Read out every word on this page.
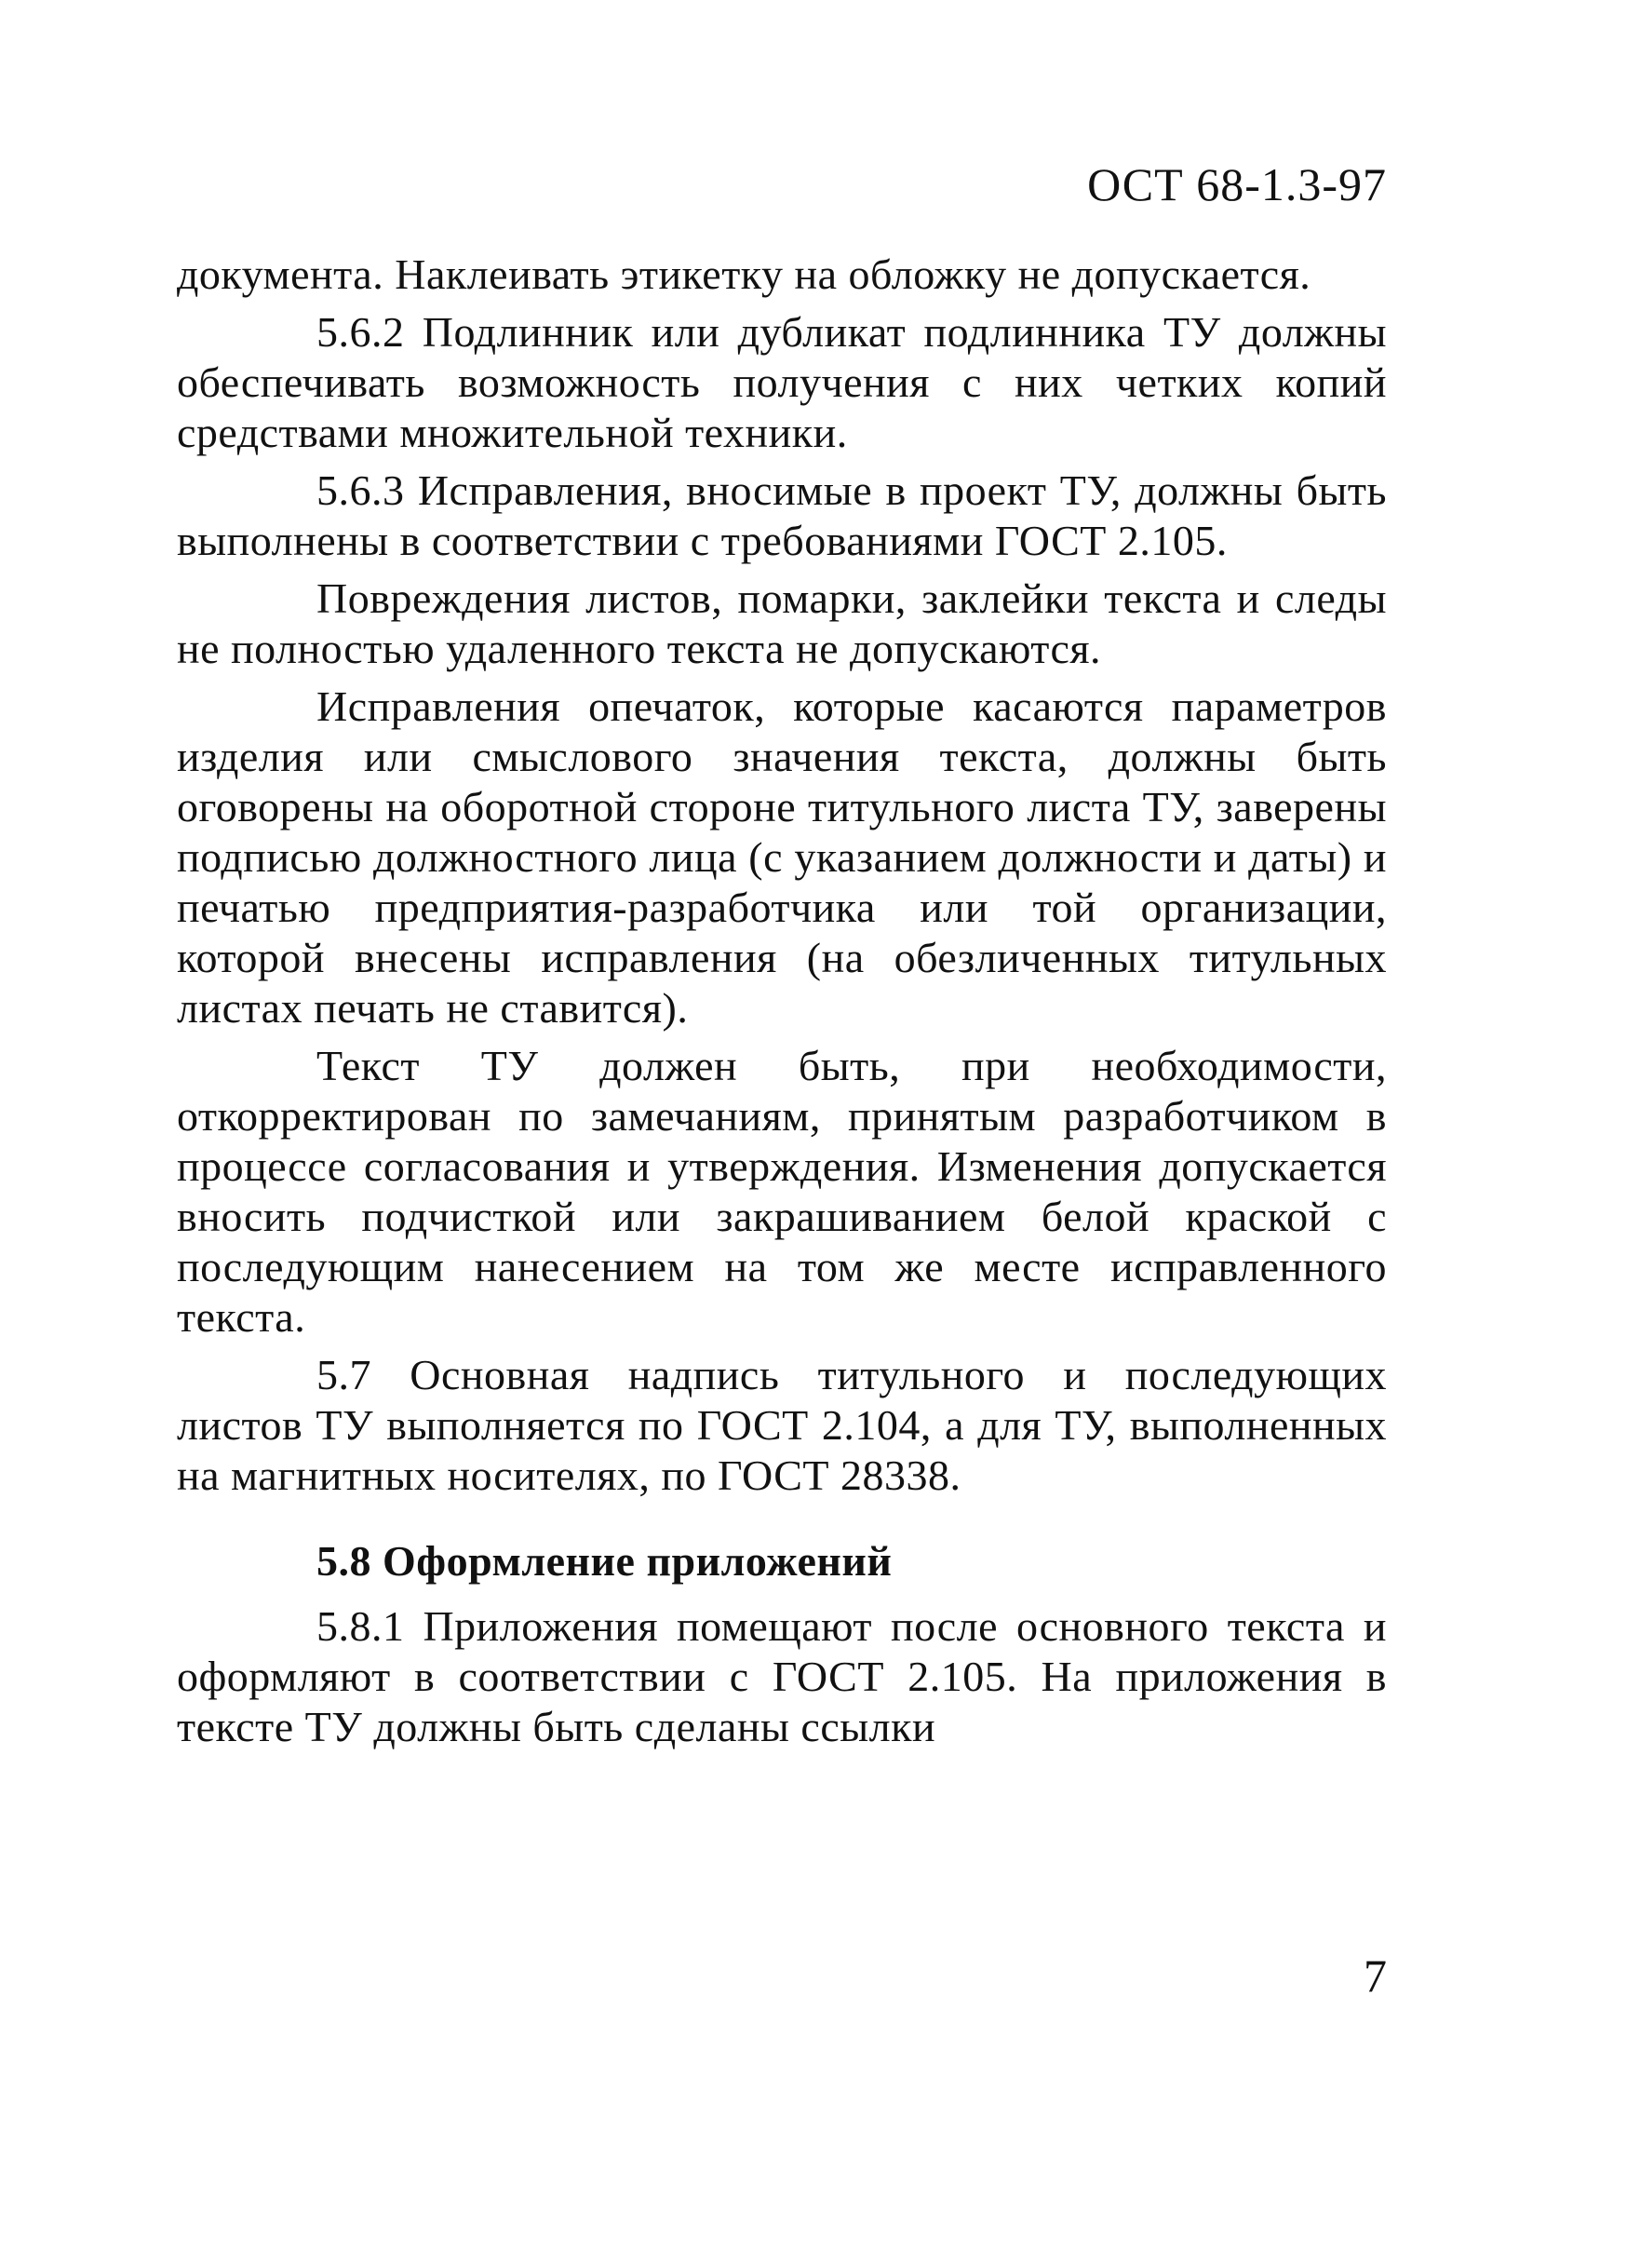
ОСТ 68-1.3-97

документа. Наклеивать этикетку на обложку не допускается.

5.6.2 Подлинник или дубликат подлинника ТУ должны обеспечивать возможность получения с них четких копий средствами множительной техники.

5.6.3 Исправления, вносимые в проект ТУ, должны быть выполнены в соответствии с требованиями ГОСТ 2.105.

Повреждения листов, помарки, заклейки текста и следы не полностью удаленного текста не допускаются.

Исправления опечаток, которые касаются параметров изделия или смыслового значения текста, должны быть оговорены на оборотной стороне титульного листа ТУ, заверены подписью должностного лица (с указанием должности и даты) и печатью предприятия-разработчика или той организации, которой внесены исправления (на обезличенных титульных листах печать не ставится).

Текст ТУ должен быть, при необходимости, откорректирован по замечаниям, принятым разработчиком в процессе согласования и утверждения. Изменения допускается вносить подчисткой или закрашиванием белой краской с последующим нанесением на том же месте исправленного текста.

5.7 Основная надпись титульного и последующих листов ТУ выполняется по ГОСТ 2.104, а для ТУ, выполненных на магнитных носителях, по ГОСТ 28338.

5.8 Оформление приложений

5.8.1 Приложения помещают после основного текста и оформляют в соответствии с ГОСТ 2.105. На приложения в тексте ТУ должны быть сделаны ссылки

7
